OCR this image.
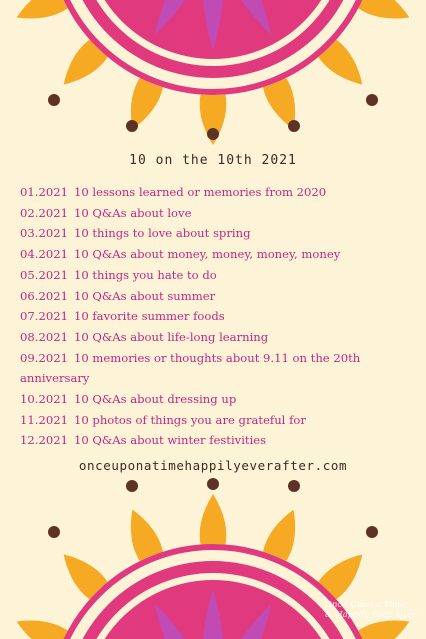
10 on the 10th 2021
01.2021 10 lessons learned or memories from 2020
02.2021 10 Q&As about love
03.2021 10 things to love about spring
04.2021 10 Q&As about money, money, money, money
05.2021 10 things you hate to do
06.2021 10 Q&As about summer
07.2021 10 favorite summer foods
08.2021 10 Q&As about life-long learning
09.2021 10 memories or thoughts about 9.11 on the 20th anniversary
10.2021 10 Q&As about dressing up
11.2021 10 photos of things you are grateful for
12.2021 10 Q&As about winter festivities
onceuponatimehappilyeverafter.com
Once Upon a Time
& Happily Ever After
